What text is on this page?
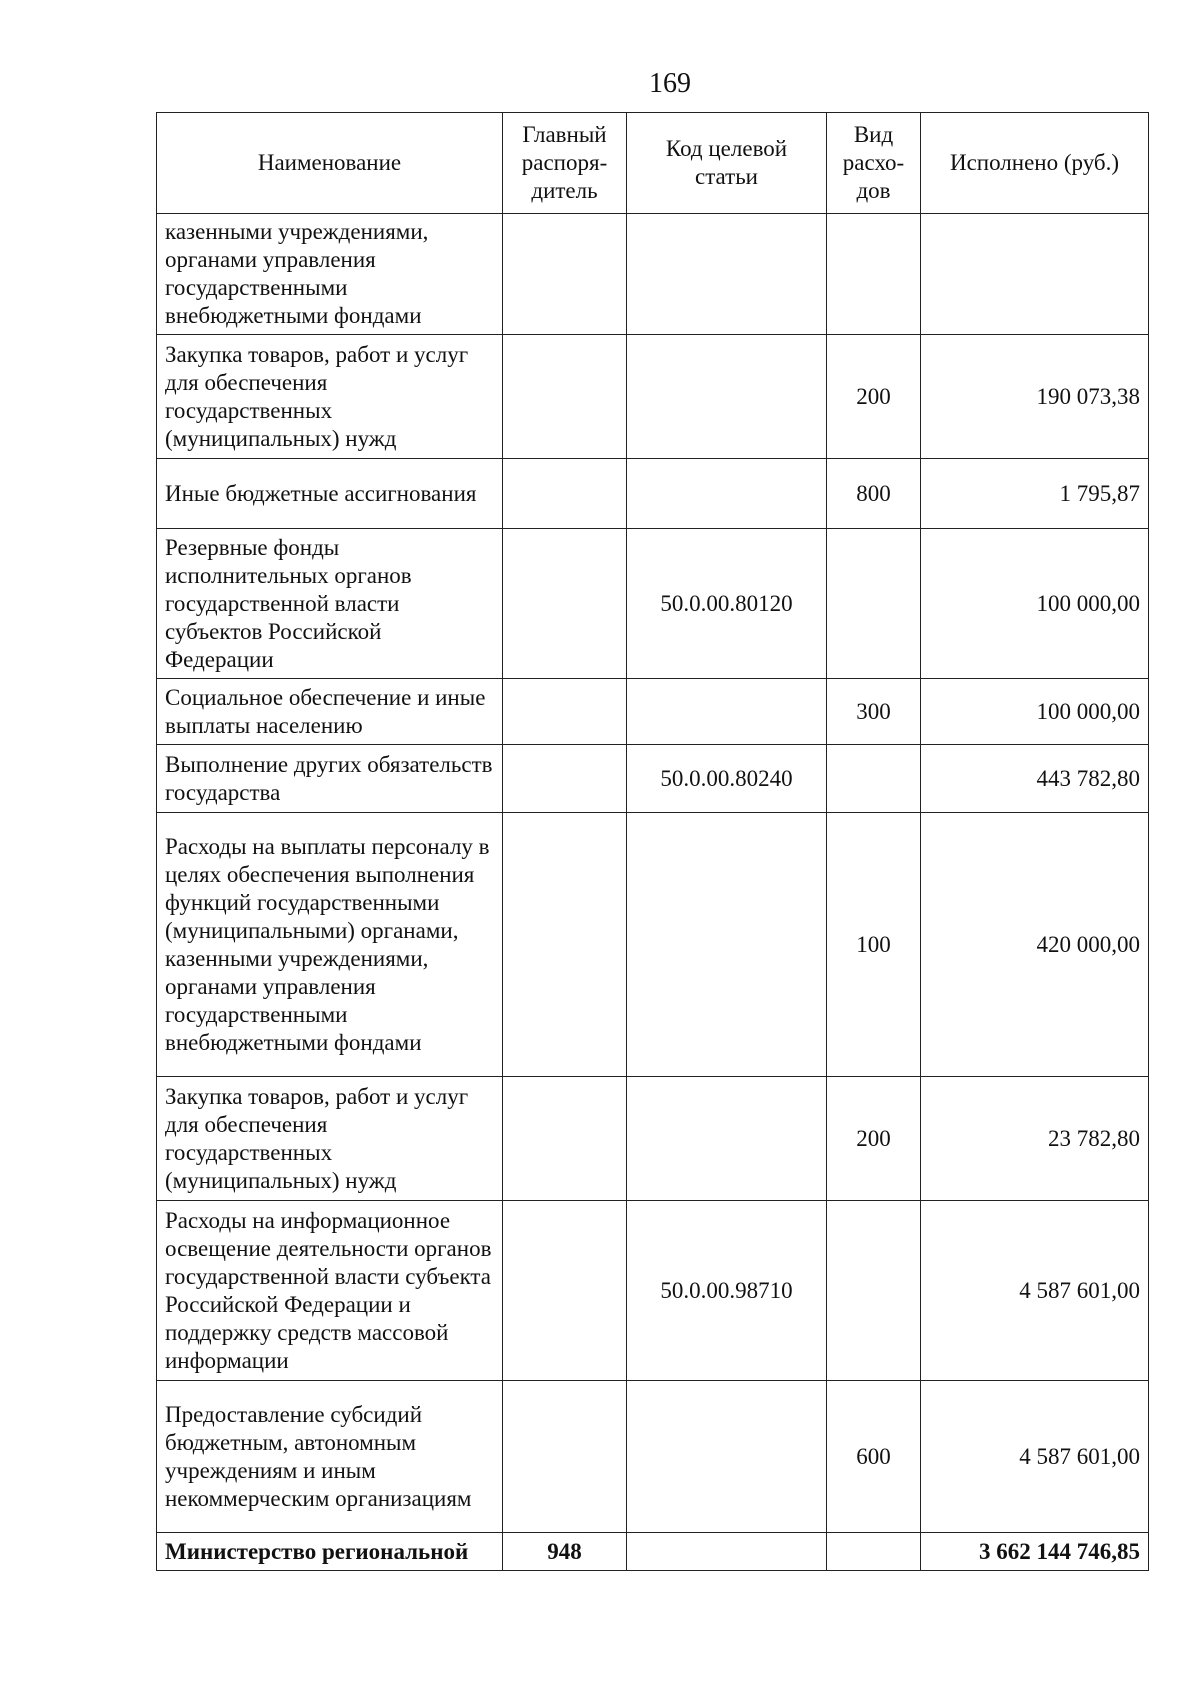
169
Наименование	Главный распоря-дитель	Код целевой статьи	Вид расхо-дов	Исполнено (руб.)
казенными учреждениями, органами управления государственными внебюджетными фондами				
Закупка товаров, работ и услуг для обеспечения государственных (муниципальных) нужд			200	190 073,38
Иные бюджетные ассигнования			800	1 795,87
Резервные фонды исполнительных органов государственной власти субъектов Российской Федерации		50.0.00.80120		100 000,00
Социальное обеспечение и иные выплаты населению			300	100 000,00
Выполнение других обязательств государства		50.0.00.80240		443 782,80
Расходы на выплаты персоналу в целях обеспечения выполнения функций государственными (муниципальными) органами, казенными учреждениями, органами управления государственными внебюджетными фондами			100	420 000,00
Закупка товаров, работ и услуг для обеспечения государственных (муниципальных) нужд			200	23 782,80
Расходы на информационное освещение деятельности органов государственной власти субъекта Российской Федерации и поддержку средств массовой информации		50.0.00.98710		4 587 601,00
Предоставление субсидий бюджетным, автономным учреждениям и иным некоммерческим организациям			600	4 587 601,00
Министерство региональной	948			3 662 144 746,85
